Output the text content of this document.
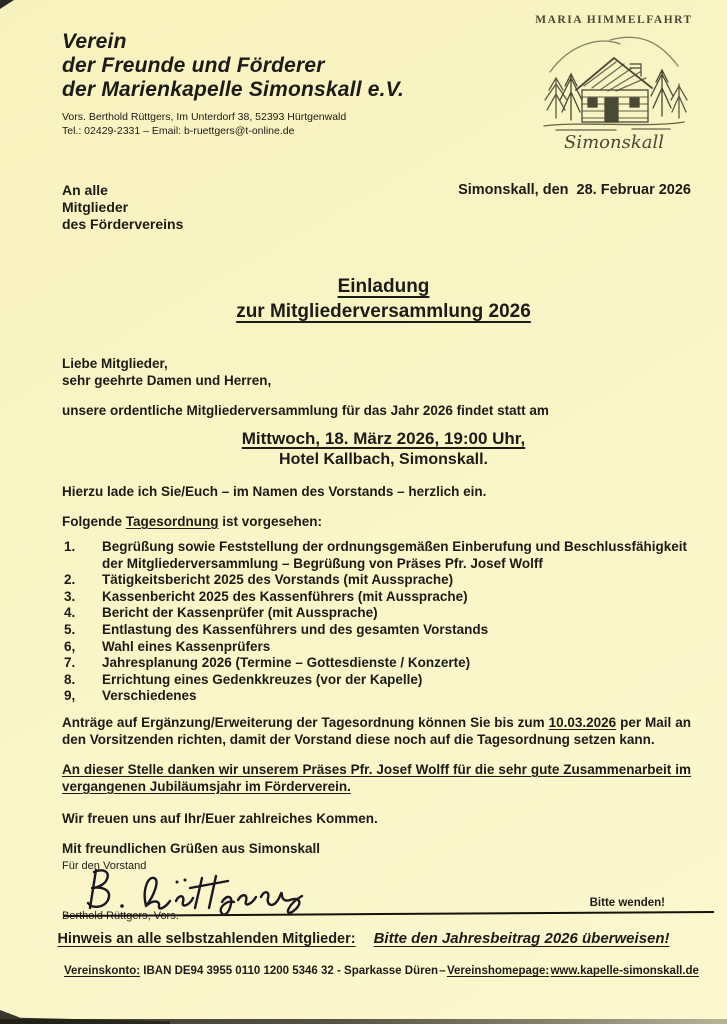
Verein
der Freunde und Förderer
der Marienkapelle Simonskall e.V.
Vors. Berthold Rüttgers, Im Unterdorf 38, 52393 Hürtgenwald
Tel.: 02429-2331 – Email: b-ruettgers@t-online.de
MARIA HIMMELFAHRT
Simonskall
An alle
Mitglieder
des Fördervereins
Simonskall, den  28. Februar 2026
Einladung
zur Mitgliederversammlung 2026

Liebe Mitglieder,
sehr geehrte Damen und Herren,

unsere ordentliche Mitgliederversammlung für das Jahr 2026 findet statt am

Mittwoch, 18. März 2026, 19:00 Uhr,
Hotel Kallbach, Simonskall.

Hierzu lade ich Sie/Euch – im Namen des Vorstands – herzlich ein.

Folgende Tagesordnung ist vorgesehen:

1. Begrüßung sowie Feststellung der ordnungsgemäßen Einberufung und Beschlussfähigkeit der Mitgliederversammlung – Begrüßung von Präses Pfr. Josef Wolff
2. Tätigkeitsbericht 2025 des Vorstands (mit Aussprache)
3. Kassenbericht 2025 des Kassenführers (mit Aussprache)
4. Bericht der Kassenprüfer (mit Aussprache)
5. Entlastung des Kassenführers und des gesamten Vorstands
6, Wahl eines Kassenprüfers
7. Jahresplanung 2026 (Termine – Gottesdienste / Konzerte)
8. Errichtung eines Gedenkkreuzes (vor der Kapelle)
9, Verschiedenes

Anträge auf Ergänzung/Erweiterung der Tagesordnung können Sie bis zum 10.03.2026 per Mail an den Vorsitzenden richten, damit der Vorstand diese noch auf die Tagesordnung setzen kann.

An dieser Stelle danken wir unserem Präses Pfr. Josef Wolff für die sehr gute Zusammenarbeit im vergangenen Jubiläumsjahr im Förderverein.

Wir freuen uns auf Ihr/Euer zahlreiches Kommen.

Mit freundlichen Grüßen aus Simonskall

Für den Vorstand
Berthold Rüttgers, Vors.
Bitte wenden!
Hinweis an alle selbstzahlenden Mitglieder: Bitte den Jahresbeitrag 2026 überweisen!
Vereinskonto: IBAN DE94 3955 0110 1200 5346 32 - Sparkasse Düren – Vereinshomepage: www.kapelle-simonskall.de
